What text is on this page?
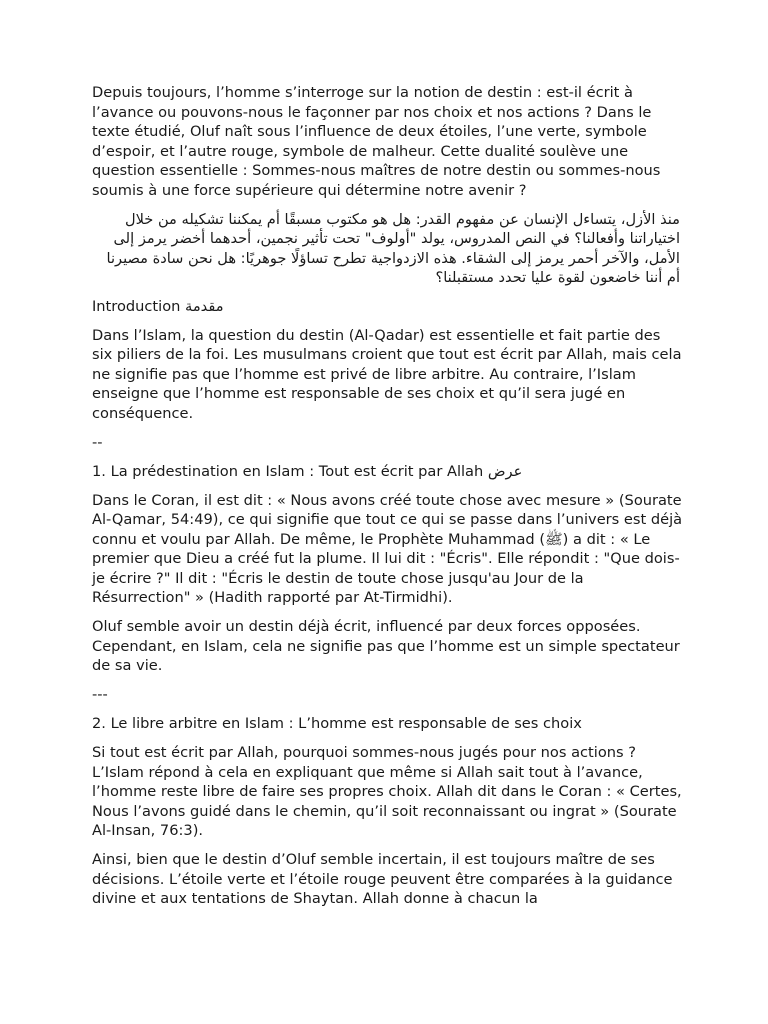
Depuis toujours, l’homme s’interroge sur la notion de destin : est-il écrit à l’avance ou pouvons-nous le façonner par nos choix et nos actions ? Dans le texte étudié, Oluf naît sous l’influence de deux étoiles, l’une verte, symbole d’espoir, et l’autre rouge, symbole de malheur. Cette dualité soulève une question essentielle : Sommes-nous maîtres de notre destin ou sommes-nous soumis à une force supérieure qui détermine notre avenir ?

منذ الأزل، يتساءل الإنسان عن مفهوم القدر: هل هو مكتوب مسبقًا أم يمكننا تشكيله من خلال اختياراتنا وأفعالنا؟ في النص المدروس، يولد "أولوف" تحت تأثير نجمين، أحدهما أخضر يرمز إلى الأمل، والآخر أحمر يرمز إلى الشقاء. هذه الازدواجية تطرح تساؤلًا جوهريًا: هل نحن سادة مصيرنا أم أننا خاضعون لقوة عليا تحدد مستقبلنا؟

Introduction مقدمة

Dans l’Islam, la question du destin (Al-Qadar) est essentielle et fait partie des six piliers de la foi. Les musulmans croient que tout est écrit par Allah, mais cela ne signifie pas que l’homme est privé de libre arbitre. Au contraire, l’Islam enseigne que l’homme est responsable de ses choix et qu’il sera jugé en conséquence.

--

1. La prédestination en Islam : Tout est écrit par Allah عرض

Dans le Coran, il est dit : « Nous avons créé toute chose avec mesure » (Sourate Al-Qamar, 54:49), ce qui signifie que tout ce qui se passe dans l’univers est déjà connu et voulu par Allah. De même, le Prophète Muhammad (ﷺ) a dit : « Le premier que Dieu a créé fut la plume. Il lui dit : "Écris". Elle répondit : "Que dois-je écrire ?" Il dit : "Écris le destin de toute chose jusqu'au Jour de la Résurrection" » (Hadith rapporté par At-Tirmidhi).

Oluf semble avoir un destin déjà écrit, influencé par deux forces opposées. Cependant, en Islam, cela ne signifie pas que l’homme est un simple spectateur de sa vie.

---

2. Le libre arbitre en Islam : L’homme est responsable de ses choix

Si tout est écrit par Allah, pourquoi sommes-nous jugés pour nos actions ? L’Islam répond à cela en expliquant que même si Allah sait tout à l’avance, l’homme reste libre de faire ses propres choix. Allah dit dans le Coran : « Certes, Nous l’avons guidé dans le chemin, qu’il soit reconnaissant ou ingrat » (Sourate Al-Insan, 76:3).

Ainsi, bien que le destin d’Oluf semble incertain, il est toujours maître de ses décisions. L’étoile verte et l’étoile rouge peuvent être comparées à la guidance divine et aux tentations de Shaytan. Allah donne à chacun la
